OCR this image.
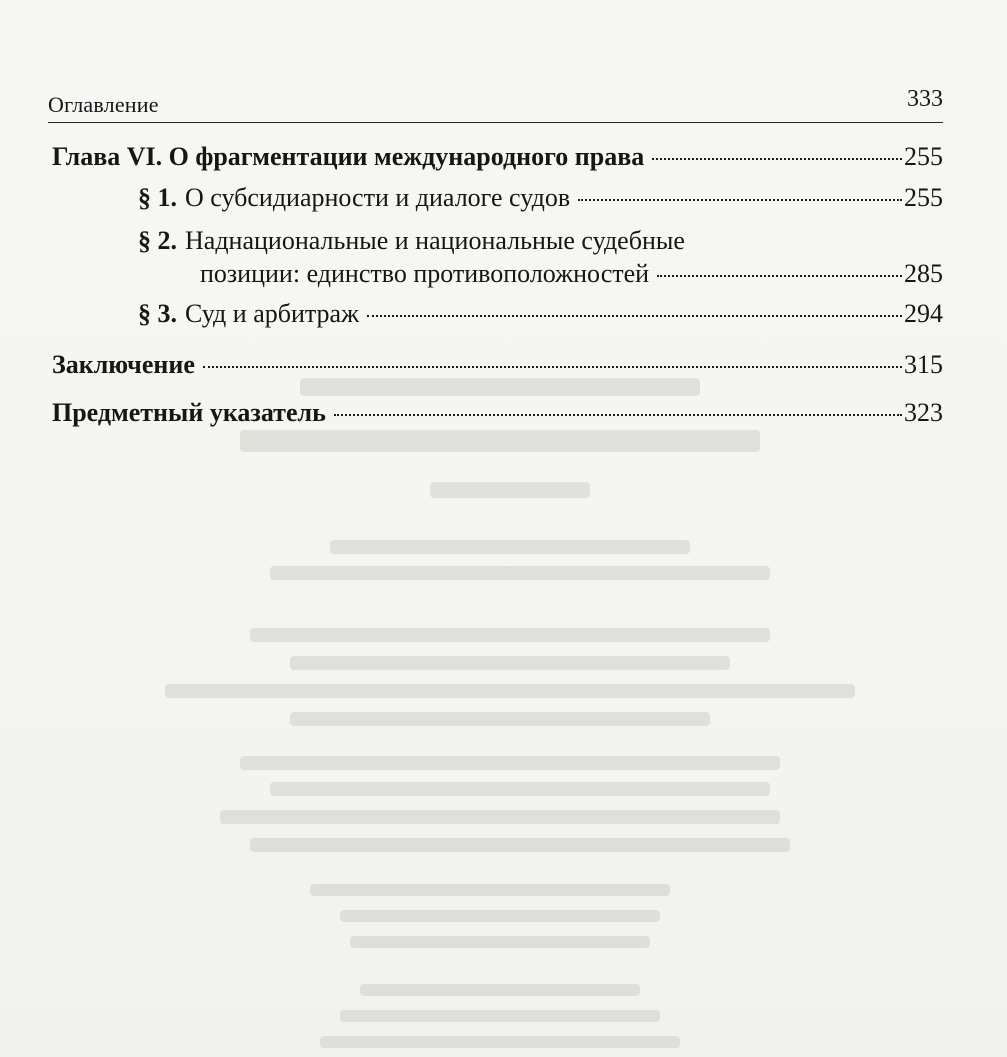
Оглавление	333
Глава VI. О фрагментации международного права	255
§ 1. О субсидиарности и диалоге судов	255
§ 2. Наднациональные и национальные судебные
позиции: единство противоположностей	285
§ 3. Суд и арбитраж	294
Заключение	315
Предметный указатель	323
